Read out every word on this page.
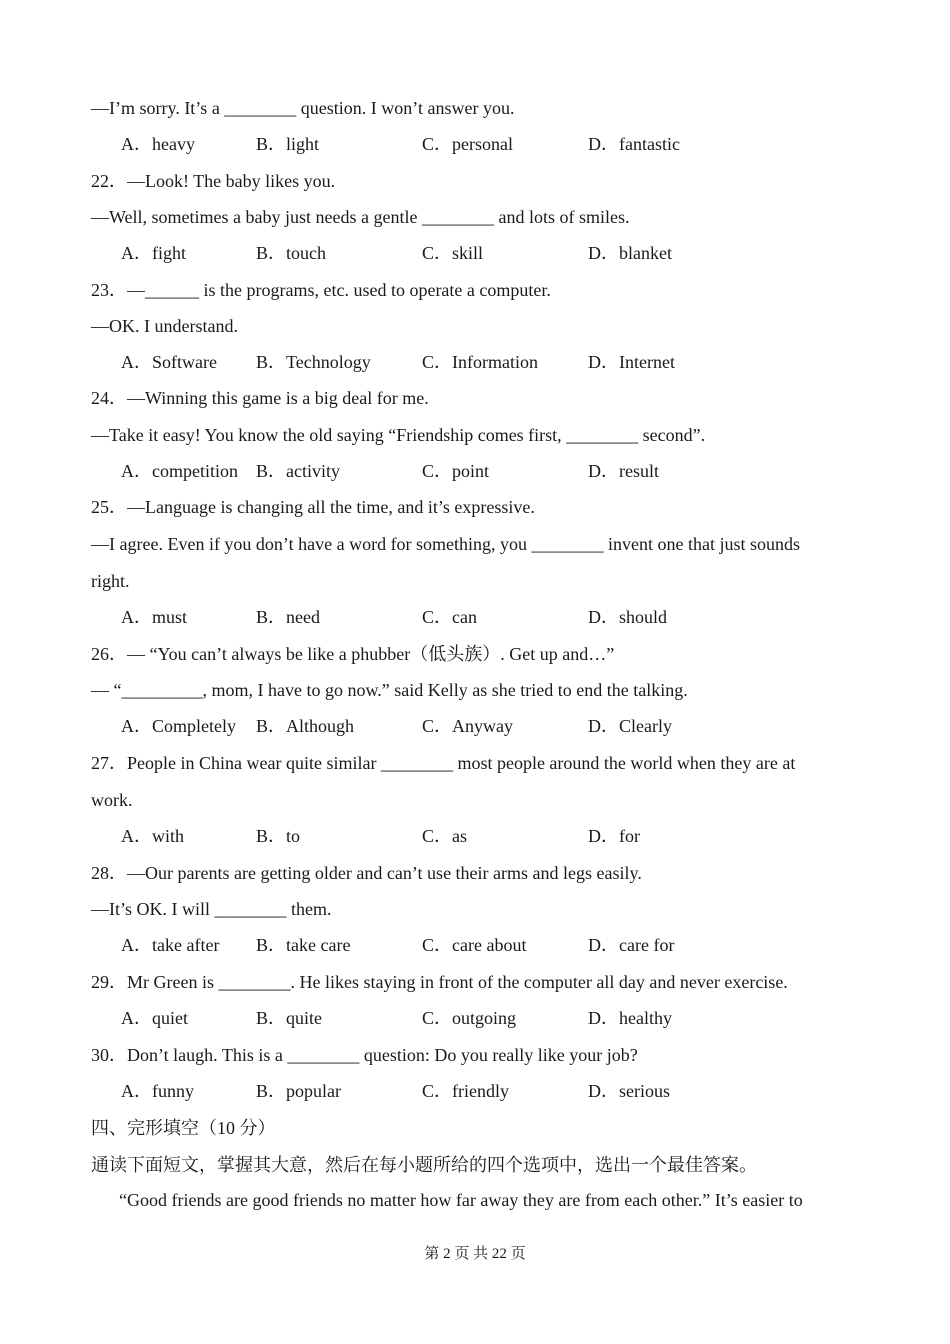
—I’m sorry. It’s a ________ question. I won’t answer you.
A．heavy	B．light	C．personal	D．fantastic
22．—Look! The baby likes you.
—Well, sometimes a baby just needs a gentle ________ and lots of smiles.
A．fight	B．touch	C．skill	D．blanket
23．—______ is the programs, etc. used to operate a computer.
—OK. I understand.
A．Software B．Technology	C．Information	D．Internet
24．—Winning this game is a big deal for me.
—Take it easy! You know the old saying “Friendship comes first, ________ second”.
A．competition B．activity	C．point	D．result
25．—Language is changing all the time, and it’s expressive.
—I agree. Even if you don’t have a word for something, you ________ invent one that just sounds
right.
A．must	B．need	C．can	D．should
26．— “You can’t always be like a phubber（低头族）. Get up and…”
— “_________, mom, I have to go now.” said Kelly as she tried to end the talking.
A．Completely B．Although	C．Anyway	D．Clearly
27．People in China wear quite similar ________ most people around the world when they are at
work.
A．with	B．to	C．as	D．for
28．—Our parents are getting older and can’t use their arms and legs easily.
—It’s OK. I will ________ them.
A．take after B．take care	C．care about	D．care for
29．Mr Green is ________. He likes staying in front of the computer all day and never exercise.
A．quiet	B．quite	C．outgoing	D．healthy
30．Don’t laugh. This is a ________ question: Do you really like your job?
A．funny	B．popular	C．friendly	D．serious
四、完形填空（10 分）
通读下面短文，掌握其大意，然后在每小题所给的四个选项中，选出一个最佳答案。
“Good friends are good friends no matter how far away they are from each other.” It’s easier to
第 2 页 共 22 页
